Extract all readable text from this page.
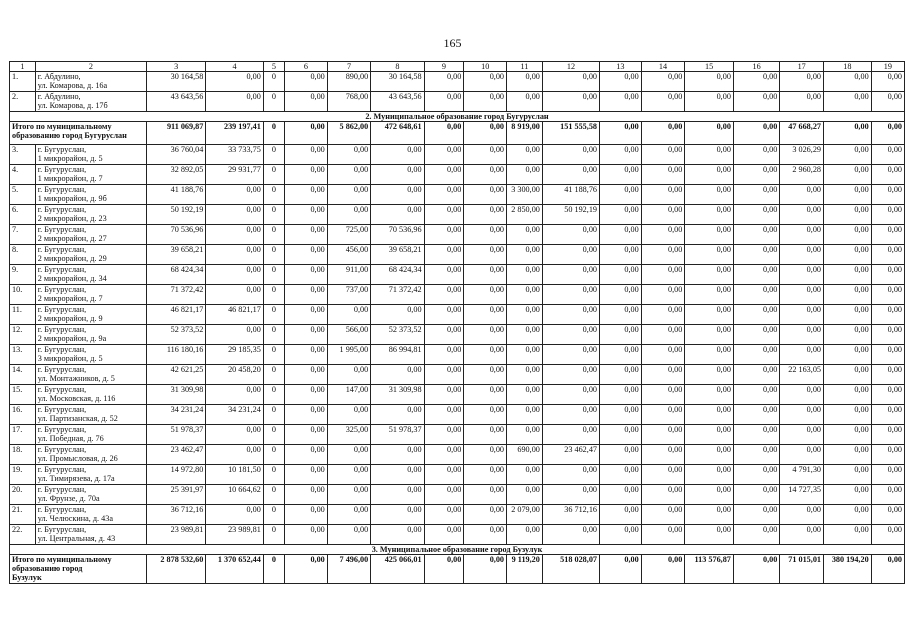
165
1	2	3	4	5	6	7	8	9	10	11	12	13	14	15	16	17	18	19
1.	г. Абдулино,
ул. Комарова, д. 16а	30 164,58	0,00	0	0,00	890,00	30 164,58	0,00	0,00	0,00	0,00	0,00	0,00	0,00	0,00	0,00	0,00	0,00
2.	г. Абдулино,
ул. Комарова, д. 17б	43 643,56	0,00	0	0,00	768,00	43 643,56	0,00	0,00	0,00	0,00	0,00	0,00	0,00	0,00	0,00	0,00	0,00
2. Муниципальное образование город Бугуруслан																		

Итого по муниципальному
образованию город Бугуруслан		911 069,87	239 197,41	0	0,00	5 862,00	472 648,61	0,00	0,00	8 919,00	151 555,58	0,00	0,00	0,00	0,00	47 668,27	0,00	0,00
3.	г. Бугуруслан,
1 микрорайон, д. 5	36 760,04	33 733,75	0	0,00	0,00	0,00	0,00	0,00	0,00	0,00	0,00	0,00	0,00	0,00	3 026,29	0,00	0,00
4.	г. Бугуруслан,
1 микрорайон, д. 7	32 892,05	29 931,77	0	0,00	0,00	0,00	0,00	0,00	0,00	0,00	0,00	0,00	0,00	0,00	2 960,28	0,00	0,00
5.	г. Бугуруслан,
1 микрорайон, д. 9б	41 188,76	0,00	0	0,00	0,00	0,00	0,00	0,00	3 300,00	41 188,76	0,00	0,00	0,00	0,00	0,00	0,00	0,00
6.	г. Бугуруслан,
2 микрорайон, д. 23	50 192,19	0,00	0	0,00	0,00	0,00	0,00	0,00	2 850,00	50 192,19	0,00	0,00	0,00	0,00	0,00	0,00	0,00
7.	г. Бугуруслан,
2 микрорайон, д. 27	70 536,96	0,00	0	0,00	725,00	70 536,96	0,00	0,00	0,00	0,00	0,00	0,00	0,00	0,00	0,00	0,00	0,00
8.	г. Бугуруслан,
2 микрорайон, д. 29	39 658,21	0,00	0	0,00	456,00	39 658,21	0,00	0,00	0,00	0,00	0,00	0,00	0,00	0,00	0,00	0,00	0,00
9.	г. Бугуруслан,
2 микрорайон, д. 34	68 424,34	0,00	0	0,00	911,00	68 424,34	0,00	0,00	0,00	0,00	0,00	0,00	0,00	0,00	0,00	0,00	0,00
10.	г. Бугуруслан,
2 микрорайон, д. 7	71 372,42	0,00	0	0,00	737,00	71 372,42	0,00	0,00	0,00	0,00	0,00	0,00	0,00	0,00	0,00	0,00	0,00
11.	г. Бугуруслан,
2 микрорайон, д. 9	46 821,17	46 821,17	0	0,00	0,00	0,00	0,00	0,00	0,00	0,00	0,00	0,00	0,00	0,00	0,00	0,00	0,00
12.	г. Бугуруслан,
2 микрорайон, д. 9а	52 373,52	0,00	0	0,00	566,00	52 373,52	0,00	0,00	0,00	0,00	0,00	0,00	0,00	0,00	0,00	0,00	0,00
13.	г. Бугуруслан,
3 микрорайон, д. 5	116 180,16	29 185,35	0	0,00	1 995,00	86 994,81	0,00	0,00	0,00	0,00	0,00	0,00	0,00	0,00	0,00	0,00	0,00
14.	г. Бугуруслан,
ул. Монтажников, д. 5	42 621,25	20 458,20	0	0,00	0,00	0,00	0,00	0,00	0,00	0,00	0,00	0,00	0,00	0,00	22 163,05	0,00	0,00
15.	г. Бугуруслан,
ул. Московская, д. 116	31 309,98	0,00	0	0,00	147,00	31 309,98	0,00	0,00	0,00	0,00	0,00	0,00	0,00	0,00	0,00	0,00	0,00
16.	г. Бугуруслан,
ул. Партизанская, д. 52	34 231,24	34 231,24	0	0,00	0,00	0,00	0,00	0,00	0,00	0,00	0,00	0,00	0,00	0,00	0,00	0,00	0,00
17.	г. Бугуруслан,
ул. Победная, д. 76	51 978,37	0,00	0	0,00	325,00	51 978,37	0,00	0,00	0,00	0,00	0,00	0,00	0,00	0,00	0,00	0,00	0,00
18.	г. Бугуруслан,
ул. Промысловая, д. 26	23 462,47	0,00	0	0,00	0,00	0,00	0,00	0,00	690,00	23 462,47	0,00	0,00	0,00	0,00	0,00	0,00	0,00
19.	г. Бугуруслан,
ул. Тимирязева, д. 17а	14 972,80	10 181,50	0	0,00	0,00	0,00	0,00	0,00	0,00	0,00	0,00	0,00	0,00	0,00	4 791,30	0,00	0,00
20.	г. Бугуруслан,
ул. Фрунзе, д. 70а	25 391,97	10 664,62	0	0,00	0,00	0,00	0,00	0,00	0,00	0,00	0,00	0,00	0,00	0,00	14 727,35	0,00	0,00
21.	г. Бугуруслан,
ул. Челюскина, д. 43а	36 712,16	0,00	0	0,00	0,00	0,00	0,00	0,00	2 079,00	36 712,16	0,00	0,00	0,00	0,00	0,00	0,00	0,00
22.	г. Бугуруслан,
ул. Центральная, д. 43	23 989,81	23 989,81	0	0,00	0,00	0,00	0,00	0,00	0,00	0,00	0,00	0,00	0,00	0,00	0,00	0,00	0,00
3. Муниципальное образование город Бузулук																		

Итого по муниципальному
образованию город
Бузулук		2 878 532,60	1 370 652,44	0	0,00	7 496,00	425 066,01	0,00	0,00	9 119,20	518 028,07	0,00	0,00	113 576,87	0,00	71 015,01	380 194,20	0,00
